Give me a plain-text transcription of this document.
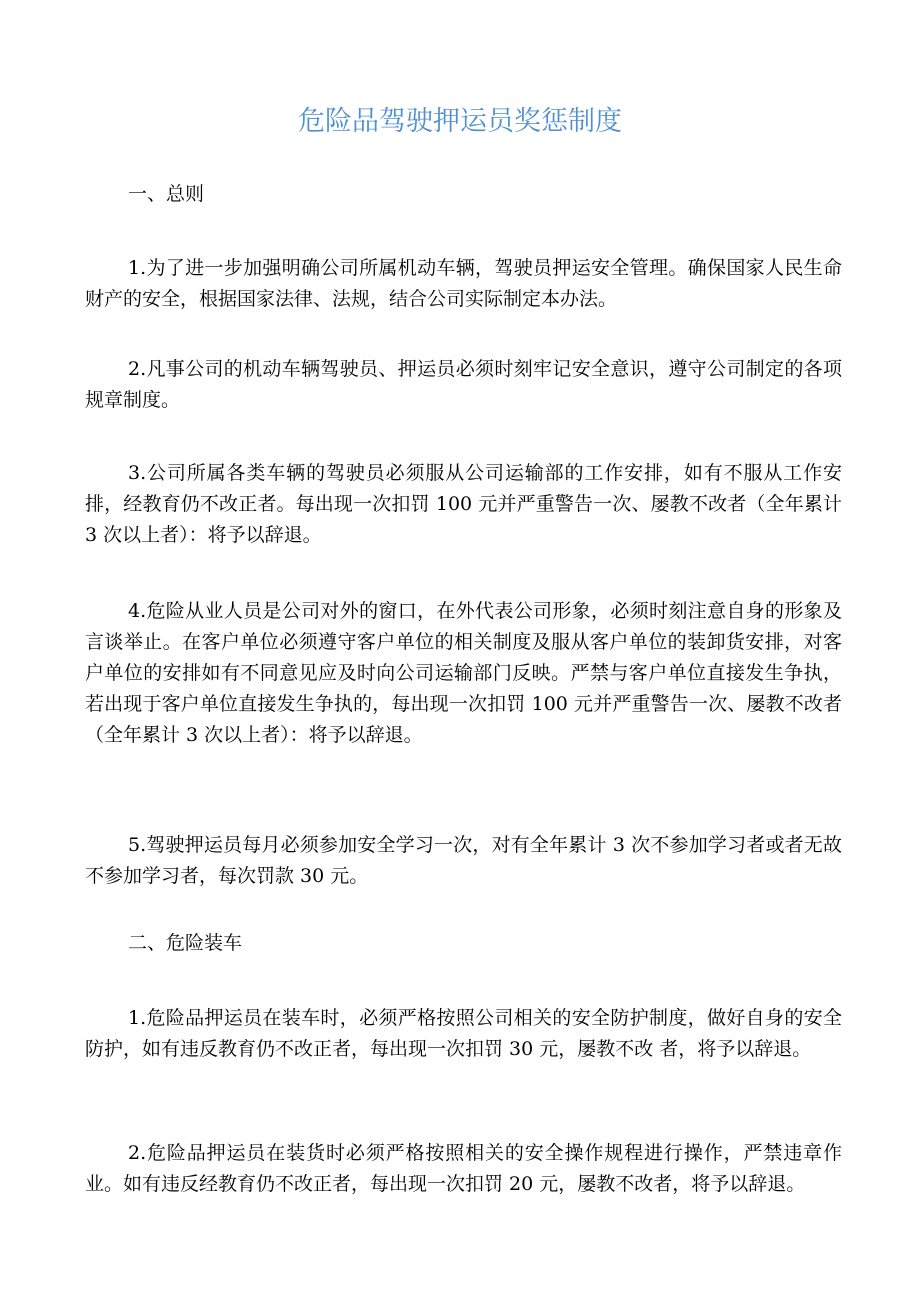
危险品驾驶押运员奖惩制度
一、总则

1.为了进一步加强明确公司所属机动车辆，驾驶员押运安全管理。确保国家人民生命财产的安全，根据国家法律、法规，结合公司实际制定本办法。

2.凡事公司的机动车辆驾驶员、押运员必须时刻牢记安全意识，遵守公司制定的各项规章制度。

3.公司所属各类车辆的驾驶员必须服从公司运输部的工作安排，如有不服从工作安排，经教育仍不改正者。每出现一次扣罚 100 元并严重警告一次、屡教不改者（全年累计 3 次以上者）：将予以辞退。

4.危险从业人员是公司对外的窗口，在外代表公司形象，必须时刻注意自身的形象及言谈举止。在客户单位必须遵守客户单位的相关制度及服从客户单位的装卸货安排，对客户单位的安排如有不同意见应及时向公司运输部门反映。严禁与客户单位直接发生争执，若出现于客户单位直接发生争执的，每出现一次扣罚 100 元并严重警告一次、屡教不改者（全年累计 3 次以上者）：将予以辞退。

5.驾驶押运员每月必须参加安全学习一次，对有全年累计 3 次不参加学习者或者无故不参加学习者，每次罚款 30 元。

二、危险装车

1.危险品押运员在装车时，必须严格按照公司相关的安全防护制度，做好自身的安全防护，如有违反教育仍不改正者，每出现一次扣罚 30 元，屡教不改 者，将予以辞退。

2.危险品押运员在装货时必须严格按照相关的安全操作规程进行操作，严禁违章作业。如有违反经教育仍不改正者，每出现一次扣罚 20 元，屡教不改者，将予以辞退。
